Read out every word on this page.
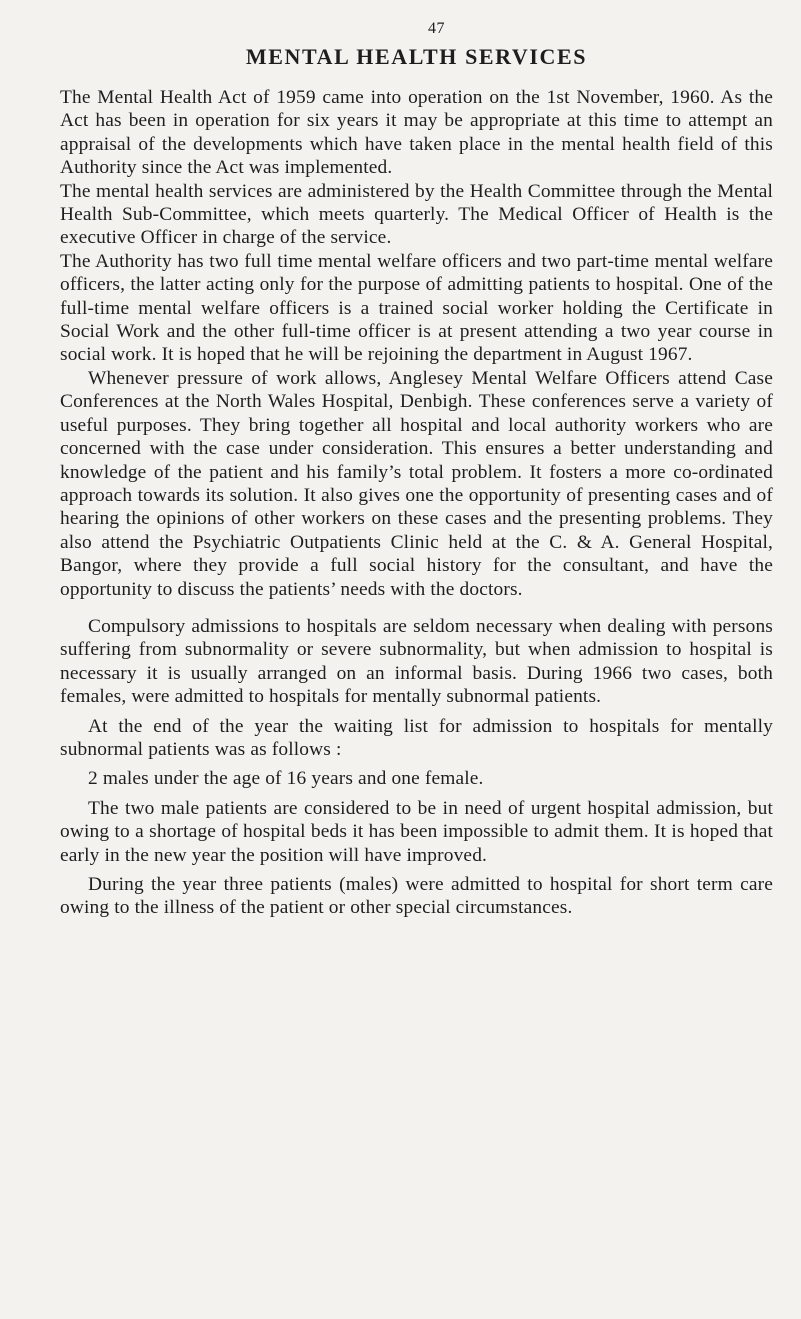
47
MENTAL HEALTH SERVICES

The Mental Health Act of 1959 came into operation on the 1st November, 1960. As the Act has been in operation for six years it may be appropriate at this time to attempt an appraisal of the developments which have taken place in the mental health field of this Authority since the Act was implemented.

The mental health services are administered by the Health Committee through the Mental Health Sub-Committee, which meets quarterly. The Medical Officer of Health is the executive Officer in charge of the service.

The Authority has two full time mental welfare officers and two part-time mental welfare officers, the latter acting only for the purpose of admitting patients to hospital. One of the full-time mental welfare officers is a trained social worker holding the Certificate in Social Work and the other full-time officer is at present attending a two year course in social work. It is hoped that he will be rejoining the department in August 1967.

Whenever pressure of work allows, Anglesey Mental Welfare Officers attend Case Conferences at the North Wales Hospital, Denbigh. These conferences serve a variety of useful purposes. They bring together all hospital and local authority workers who are concerned with the case under consideration. This ensures a better understanding and knowledge of the patient and his family’s total problem. It fosters a more co-ordinated approach towards its solution. It also gives one the opportunity of presenting cases and of hearing the opinions of other workers on these cases and the presenting problems. They also attend the Psychiatric Outpatients Clinic held at the C. & A. General Hospital, Bangor, where they provide a full social history for the consultant, and have the opportunity to discuss the patients’ needs with the doctors.

Compulsory admissions to hospitals are seldom necessary when dealing with persons suffering from subnormality or severe subnormality, but when admission to hospital is necessary it is usually arranged on an informal basis. During 1966 two cases, both females, were admitted to hospitals for mentally subnormal patients.

At the end of the year the waiting list for admission to hospitals for mentally subnormal patients was as follows :

2 males under the age of 16 years and one female.

The two male patients are considered to be in need of urgent hospital admission, but owing to a shortage of hospital beds it has been impossible to admit them. It is hoped that early in the new year the position will have improved.

During the year three patients (males) were admitted to hospital for short term care owing to the illness of the patient or other special circumstances.
